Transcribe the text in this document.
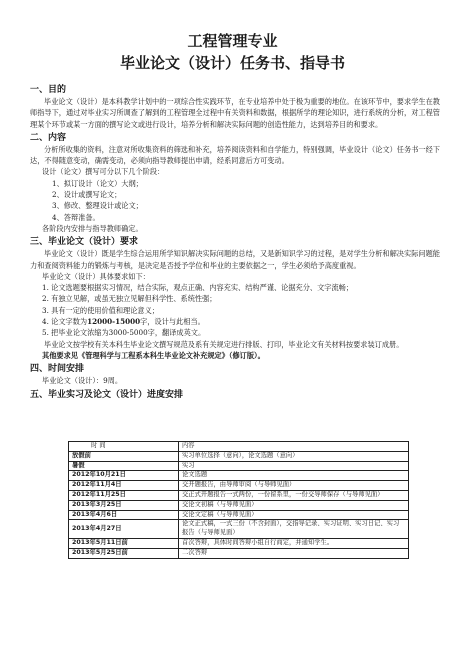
工程管理专业
毕业论文（设计）任务书、指导书
一、目的
毕业论文（设计）是本科教学计划中的一项综合性实践环节，在专业培养中处于极为重要的地位。在该环节中，要求学生在教师指导下，通过对毕业实习所调查了解到的工程管理全过程中有关资料和数据，根据所学的理论知识，进行系统的分析，对工程管理某个环节或某一方面的撰写论文或进行设计，培养分析和解决实际问题的创造性能力，达到培养目的和要求。
二、内容
分析所收集的资料，注意对所收集资料的筛选和补充，培养阅读资料和自学能力，特别强调，毕业设计（论文）任务书一经下达，不得随意变动，确需变动，必须向指导教师提出申请，经系同意后方可变动。
设计（论文）撰写可分以下几个阶段：
1、拟订设计（论文）大纲；
2、设计或撰写论文；
3、修改、整理设计或论文；
4、答辩准备。
各阶段内安排与指导教师确定。
三、毕业论文（设计）要求
毕业论文（设计）既是学生综合运用所学知识解决实际问题的总结，又是新知识学习的过程，是对学生分析和解决实际问题能力和查阅资料能力的锻炼与考核，是决定是否授予学位和毕业的主要依据之一，学生必须给予高度重视。
毕业论文（设计）具体要求如下：
1. 论文选题要根据实习情况，结合实际，观点正确、内容充实、结构严谨、论据充分、文字流畅；
2. 有独立见解，或虽无独立见解但科学性、系统性强；
3. 具有一定的使用价值和理论意义；
4. 论文字数为12000-15000字，设计与此相当。
5. 把毕业论文浓缩为3000-5000字，翻译成英文。
毕业论文按学校有关本科生毕业论文撰写规范及系有关规定进行排版、打印，毕业论文有关材料按要求装订成册。
其他要求见《管理科学与工程系本科生毕业论文补充规定》（修订版）。
四、时间安排
毕业论文（设计）：9周。
五、毕业实习及论文（设计）进度安排
时 间	内容
放假前	实习单位选择（意向），论文选题（意向）
暑假	实习
2012年10月21日	论文选题
2012年11月4日	交开题报告，由导师审阅（与导师见面）
2012年11月25日	交正式开题报告一式两份，一份留系里，一份交导师保存（与导师见面）
2013年3月25日	交论文初稿（与导师见面）
2013年4月6日	交论文定稿（与导师见面）
2013年4月27日	论文正式稿，一式三份（不含封面），交指导记录、实习证明、实习日记、实习报告（与导师见面）
2013年5月11日前	首次答辩，具体时间答辩小组自行商定，并通知学生。
2013年5月25日前	二次答辩
